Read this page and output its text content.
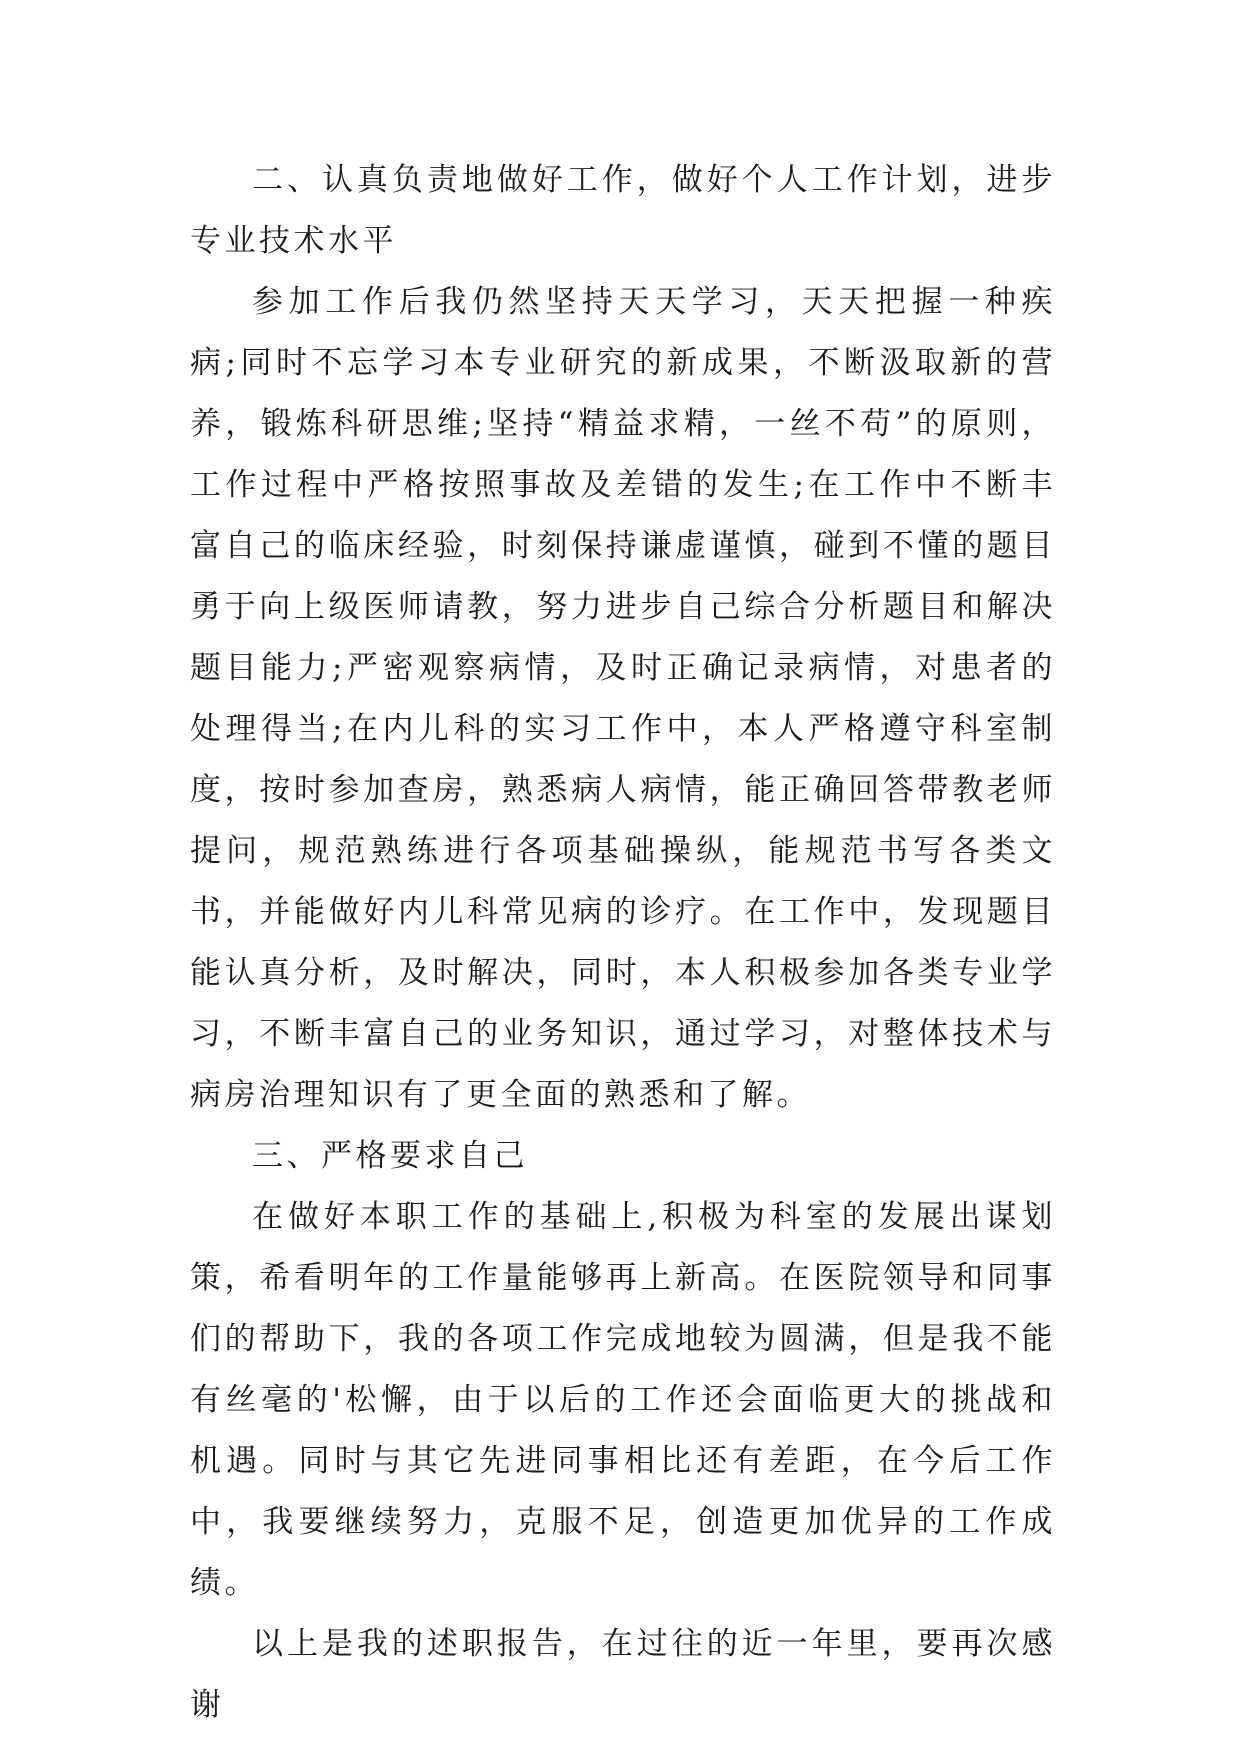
二、认真负责地做好工作，做好个人工作计划，进步专业技术水平

参加工作后我仍然坚持天天学习，天天把握一种疾病;同时不忘学习本专业研究的新成果，不断汲取新的营养，锻炼科研思维;坚持“精益求精，一丝不苟”的原则，工作过程中严格按照事故及差错的发生;在工作中不断丰富自己的临床经验，时刻保持谦虚谨慎，碰到不懂的题目勇于向上级医师请教，努力进步自己综合分析题目和解决题目能力;严密观察病情，及时正确记录病情，对患者的处理得当;在内儿科的实习工作中，本人严格遵守科室制度，按时参加查房，熟悉病人病情，能正确回答带教老师提问，规范熟练进行各项基础操纵，能规范书写各类文书，并能做好内儿科常见病的诊疗。在工作中，发现题目能认真分析，及时解决，同时，本人积极参加各类专业学习，不断丰富自己的业务知识，通过学习，对整体技术与病房治理知识有了更全面的熟悉和了解。

三、严格要求自己

在做好本职工作的基础上,积极为科室的发展出谋划策，希看明年的工作量能够再上新高。在医院领导和同事们的帮助下，我的各项工作完成地较为圆满，但是我不能有丝毫的'松懈，由于以后的工作还会面临更大的挑战和机遇。同时与其它先进同事相比还有差距，在今后工作中，我要继续努力，克服不足，创造更加优异的工作成绩。

以上是我的述职报告，在过往的近一年里，要再次感谢
